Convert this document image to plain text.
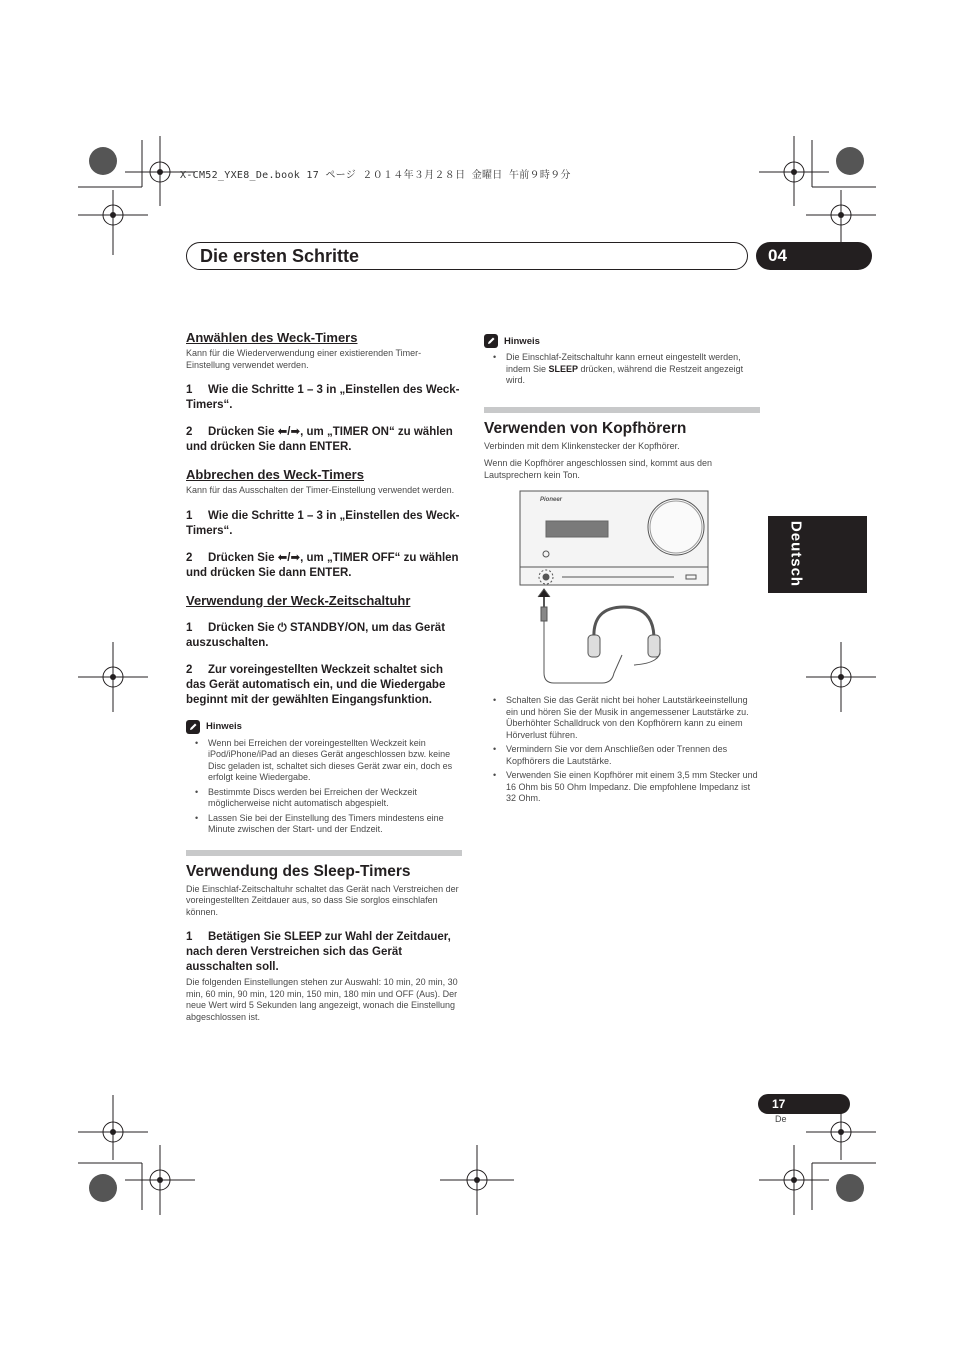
X-CM52_YXE8_De.book 17 ページ ２０１４年３月２８日 金曜日 午前９時９分
Die ersten Schritte	04
Deutsch
Anwählen des Weck-Timers

Kann für die Wiederverwendung einer existierenden Timer-Einstellung verwendet werden.

1 Wie die Schritte 1 – 3 in „Einstellen des Weck-Timers“.

2 Drücken Sie ⬅/➡, um „TIMER ON“ zu wählen und drücken Sie dann ENTER.

Abbrechen des Weck-Timers

Kann für das Ausschalten der Timer-Einstellung verwendet werden.

1 Wie die Schritte 1 – 3 in „Einstellen des Weck-Timers“.

2 Drücken Sie ⬅/➡, um „TIMER OFF“ zu wählen und drücken Sie dann ENTER.

Verwendung der Weck-Zeitschaltuhr

1 Drücken Sie ⏻ STANDBY/ON, um das Gerät auszuschalten.

2 Zur voreingestellten Weckzeit schaltet sich das Gerät automatisch ein, und die Wiedergabe beginnt mit der gewählten Eingangsfunktion.

Hinweis
• Wenn bei Erreichen der voreingestellten Weckzeit kein iPod/iPhone/iPad an dieses Gerät angeschlossen bzw. keine Disc geladen ist, schaltet sich dieses Gerät zwar ein, doch es erfolgt keine Wiedergabe.
• Bestimmte Discs werden bei Erreichen der Weckzeit möglicherweise nicht automatisch abgespielt.
• Lassen Sie bei der Einstellung des Timers mindestens eine Minute zwischen der Start- und der Endzeit.
Verwendung des Sleep-Timers

Die Einschlaf-Zeitschaltuhr schaltet das Gerät nach Verstreichen der voreingestellten Zeitdauer aus, so dass Sie sorglos einschlafen können.

1 Betätigen Sie SLEEP zur Wahl der Zeitdauer, nach deren Verstreichen sich das Gerät ausschalten soll.

Die folgenden Einstellungen stehen zur Auswahl: 10 min, 20 min, 30 min, 60 min, 90 min, 120 min, 150 min, 180 min und OFF (Aus). Der neue Wert wird 5 Sekunden lang angezeigt, wonach die Einstellung abgeschlossen ist.

Hinweis
• Die Einschlaf-Zeitschaltuhr kann erneut eingestellt werden, indem Sie SLEEP drücken, während die Restzeit angezeigt wird.
Verwenden von Kopfhörern

Verbinden mit dem Klinkenstecker der Kopfhörer.

Wenn die Kopfhörer angeschlossen sind, kommt aus den Lautsprechern kein Ton.

Pioneer
• Schalten Sie das Gerät nicht bei hoher Lautstärkeeinstellung ein und hören Sie der Musik in angemessener Lautstärke zu. Überhöhter Schalldruck von den Kopfhörern kann zu einem Hörverlust führen.
• Vermindern Sie vor dem Anschließen oder Trennen des Kopfhörers die Lautstärke.
• Verwenden Sie einen Kopfhörer mit einem 3,5 mm Stecker und 16 Ohm bis 50 Ohm Impedanz. Die empfohlene Impedanz ist 32 Ohm.
17
De
